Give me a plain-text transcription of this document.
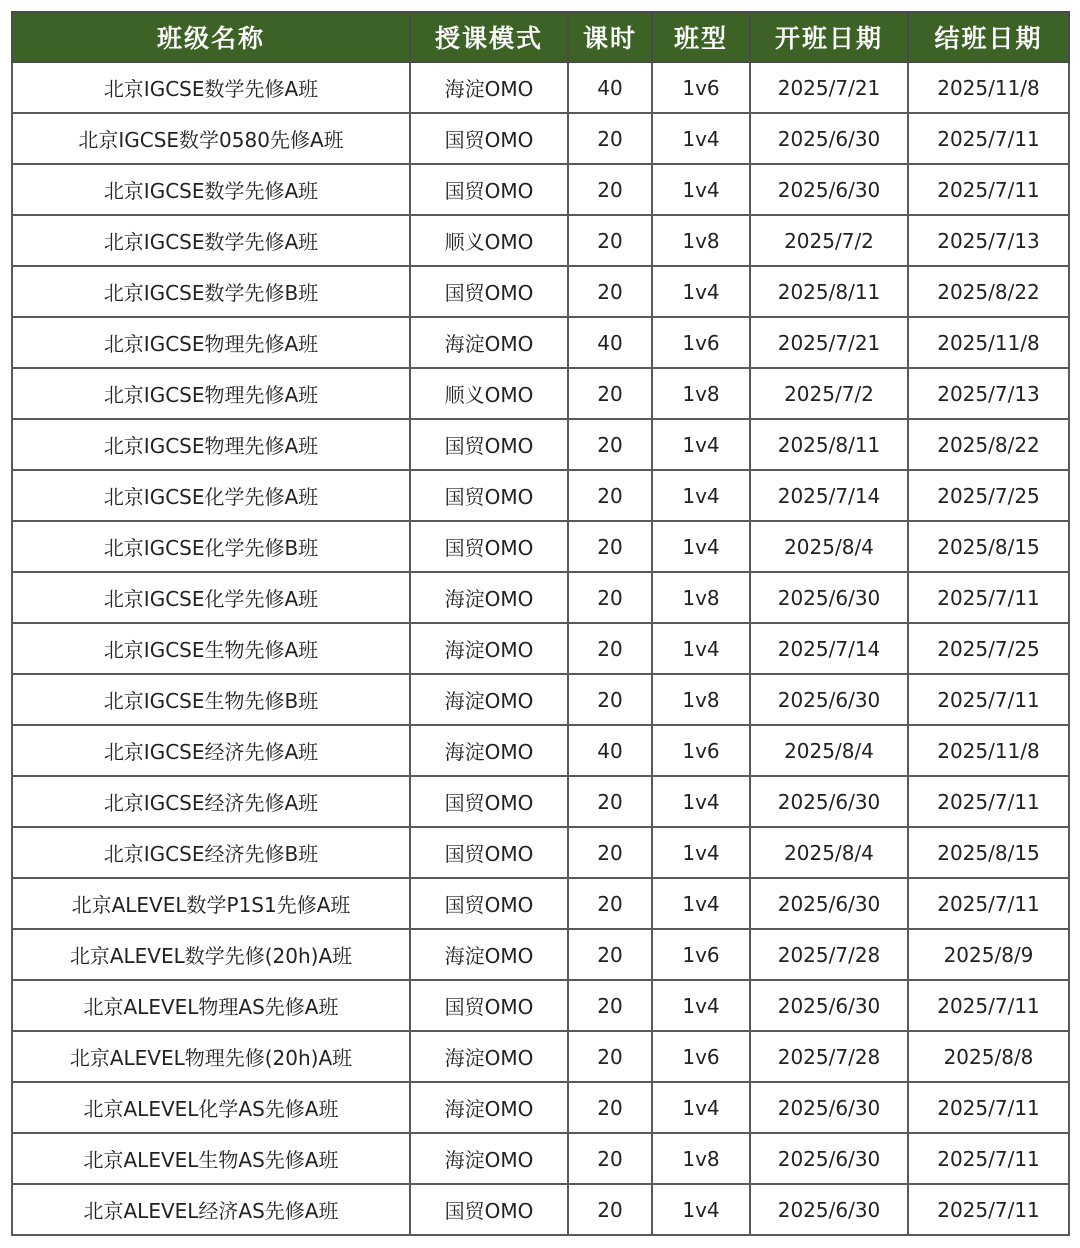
班级名称	授课模式	课时	班型	开班日期	结班日期
北京IGCSE数学先修A班	海淀OMO	40	1v6	2025/7/21	2025/11/8
北京IGCSE数学0580先修A班	国贸OMO	20	1v4	2025/6/30	2025/7/11
北京IGCSE数学先修A班	国贸OMO	20	1v4	2025/6/30	2025/7/11
北京IGCSE数学先修A班	顺义OMO	20	1v8	2025/7/2	2025/7/13
北京IGCSE数学先修B班	国贸OMO	20	1v4	2025/8/11	2025/8/22
北京IGCSE物理先修A班	海淀OMO	40	1v6	2025/7/21	2025/11/8
北京IGCSE物理先修A班	顺义OMO	20	1v8	2025/7/2	2025/7/13
北京IGCSE物理先修A班	国贸OMO	20	1v4	2025/8/11	2025/8/22
北京IGCSE化学先修A班	国贸OMO	20	1v4	2025/7/14	2025/7/25
北京IGCSE化学先修B班	国贸OMO	20	1v4	2025/8/4	2025/8/15
北京IGCSE化学先修A班	海淀OMO	20	1v8	2025/6/30	2025/7/11
北京IGCSE生物先修A班	海淀OMO	20	1v4	2025/7/14	2025/7/25
北京IGCSE生物先修B班	海淀OMO	20	1v8	2025/6/30	2025/7/11
北京IGCSE经济先修A班	海淀OMO	40	1v6	2025/8/4	2025/11/8
北京IGCSE经济先修A班	国贸OMO	20	1v4	2025/6/30	2025/7/11
北京IGCSE经济先修B班	国贸OMO	20	1v4	2025/8/4	2025/8/15
北京ALEVEL数学P1S1先修A班	国贸OMO	20	1v4	2025/6/30	2025/7/11
北京ALEVEL数学先修(20h)A班	海淀OMO	20	1v6	2025/7/28	2025/8/9
北京ALEVEL物理AS先修A班	国贸OMO	20	1v4	2025/6/30	2025/7/11
北京ALEVEL物理先修(20h)A班	海淀OMO	20	1v6	2025/7/28	2025/8/8
北京ALEVEL化学AS先修A班	海淀OMO	20	1v4	2025/6/30	2025/7/11
北京ALEVEL生物AS先修A班	海淀OMO	20	1v8	2025/6/30	2025/7/11
北京ALEVEL经济AS先修A班	国贸OMO	20	1v4	2025/6/30	2025/7/11
